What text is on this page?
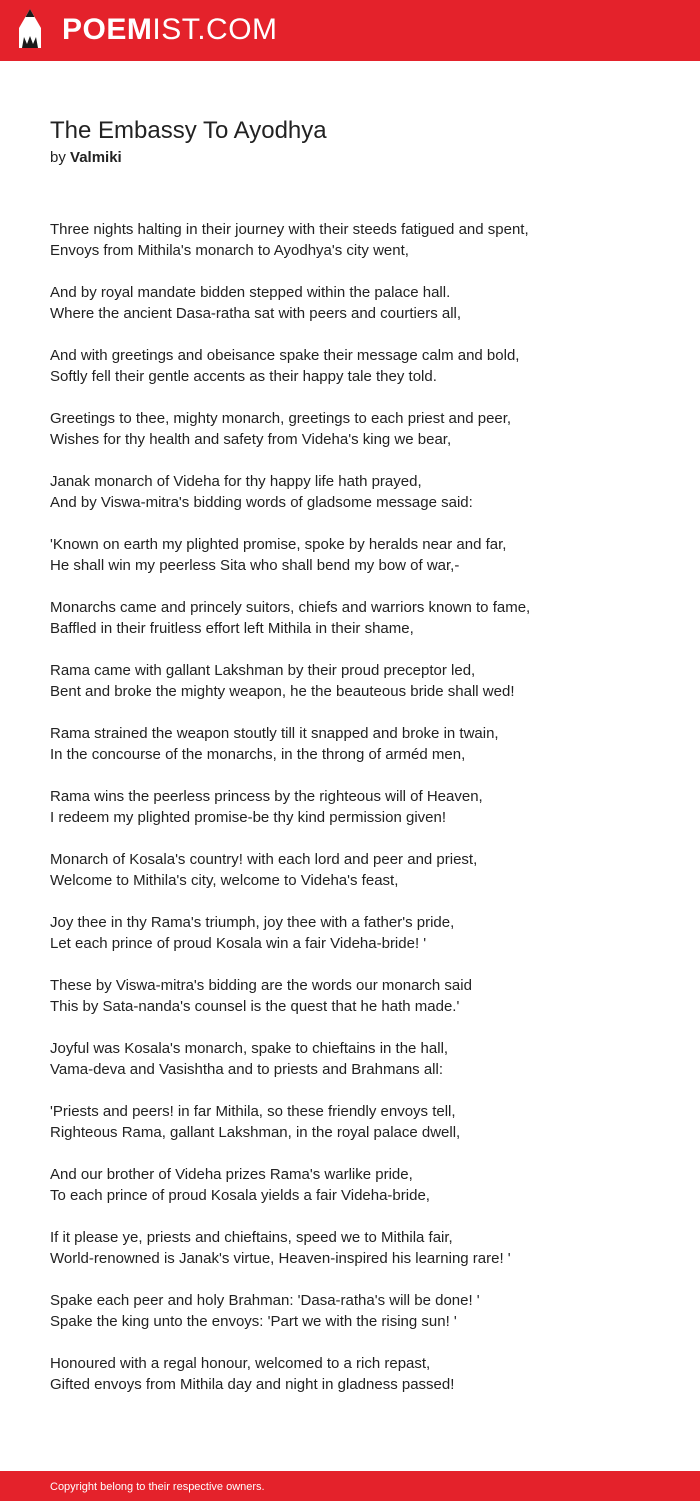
POEMIST.COM
The Embassy To Ayodhya
by Valmiki
Three nights halting in their journey with their steeds fatigued and spent,
Envoys from Mithila's monarch to Ayodhya's city went,
And by royal mandate bidden stepped within the palace hall.
Where the ancient Dasa-ratha sat with peers and courtiers all,
And with greetings and obeisance spake their message calm and bold,
Softly fell their gentle accents as their happy tale they told.
Greetings to thee, mighty monarch, greetings to each priest and peer,
Wishes for thy health and safety from Videha's king we bear,
Janak monarch of Videha for thy happy life hath prayed,
And by Viswa-mitra's bidding words of gladsome message said:
'Known on earth my plighted promise, spoke by heralds near and far,
He shall win my peerless Sita who shall bend my bow of war,-
Monarchs came and princely suitors, chiefs and warriors known to fame,
Baffled in their fruitless effort left Mithila in their shame,
Rama came with gallant Lakshman by their proud preceptor led,
Bent and broke the mighty weapon, he the beauteous bride shall wed!
Rama strained the weapon stoutly till it snapped and broke in twain,
In the concourse of the monarchs, in the throng of arméd men,
Rama wins the peerless princess by the righteous will of Heaven,
I redeem my plighted promise-be thy kind permission given!
Monarch of Kosala's country! with each lord and peer and priest,
Welcome to Mithila's city, welcome to Videha's feast,
Joy thee in thy Rama's triumph, joy thee with a father's pride,
Let each prince of proud Kosala win a fair Videha-bride! '
These by Viswa-mitra's bidding are the words our monarch said
This by Sata-nanda's counsel is the quest that he hath made.'
Joyful was Kosala's monarch, spake to chieftains in the hall,
Vama-deva and Vasishtha and to priests and Brahmans all:
'Priests and peers! in far Mithila, so these friendly envoys tell,
Righteous Rama, gallant Lakshman, in the royal palace dwell,
And our brother of Videha prizes Rama's warlike pride,
To each prince of proud Kosala yields a fair Videha-bride,
If it please ye, priests and chieftains, speed we to Mithila fair,
World-renowned is Janak's virtue, Heaven-inspired his learning rare! '
Spake each peer and holy Brahman: 'Dasa-ratha's will be done! '
Spake the king unto the envoys: 'Part we with the rising sun! '
Honoured with a regal honour, welcomed to a rich repast,
Gifted envoys from Mithila day and night in gladness passed!
Copyright belong to their respective owners.
